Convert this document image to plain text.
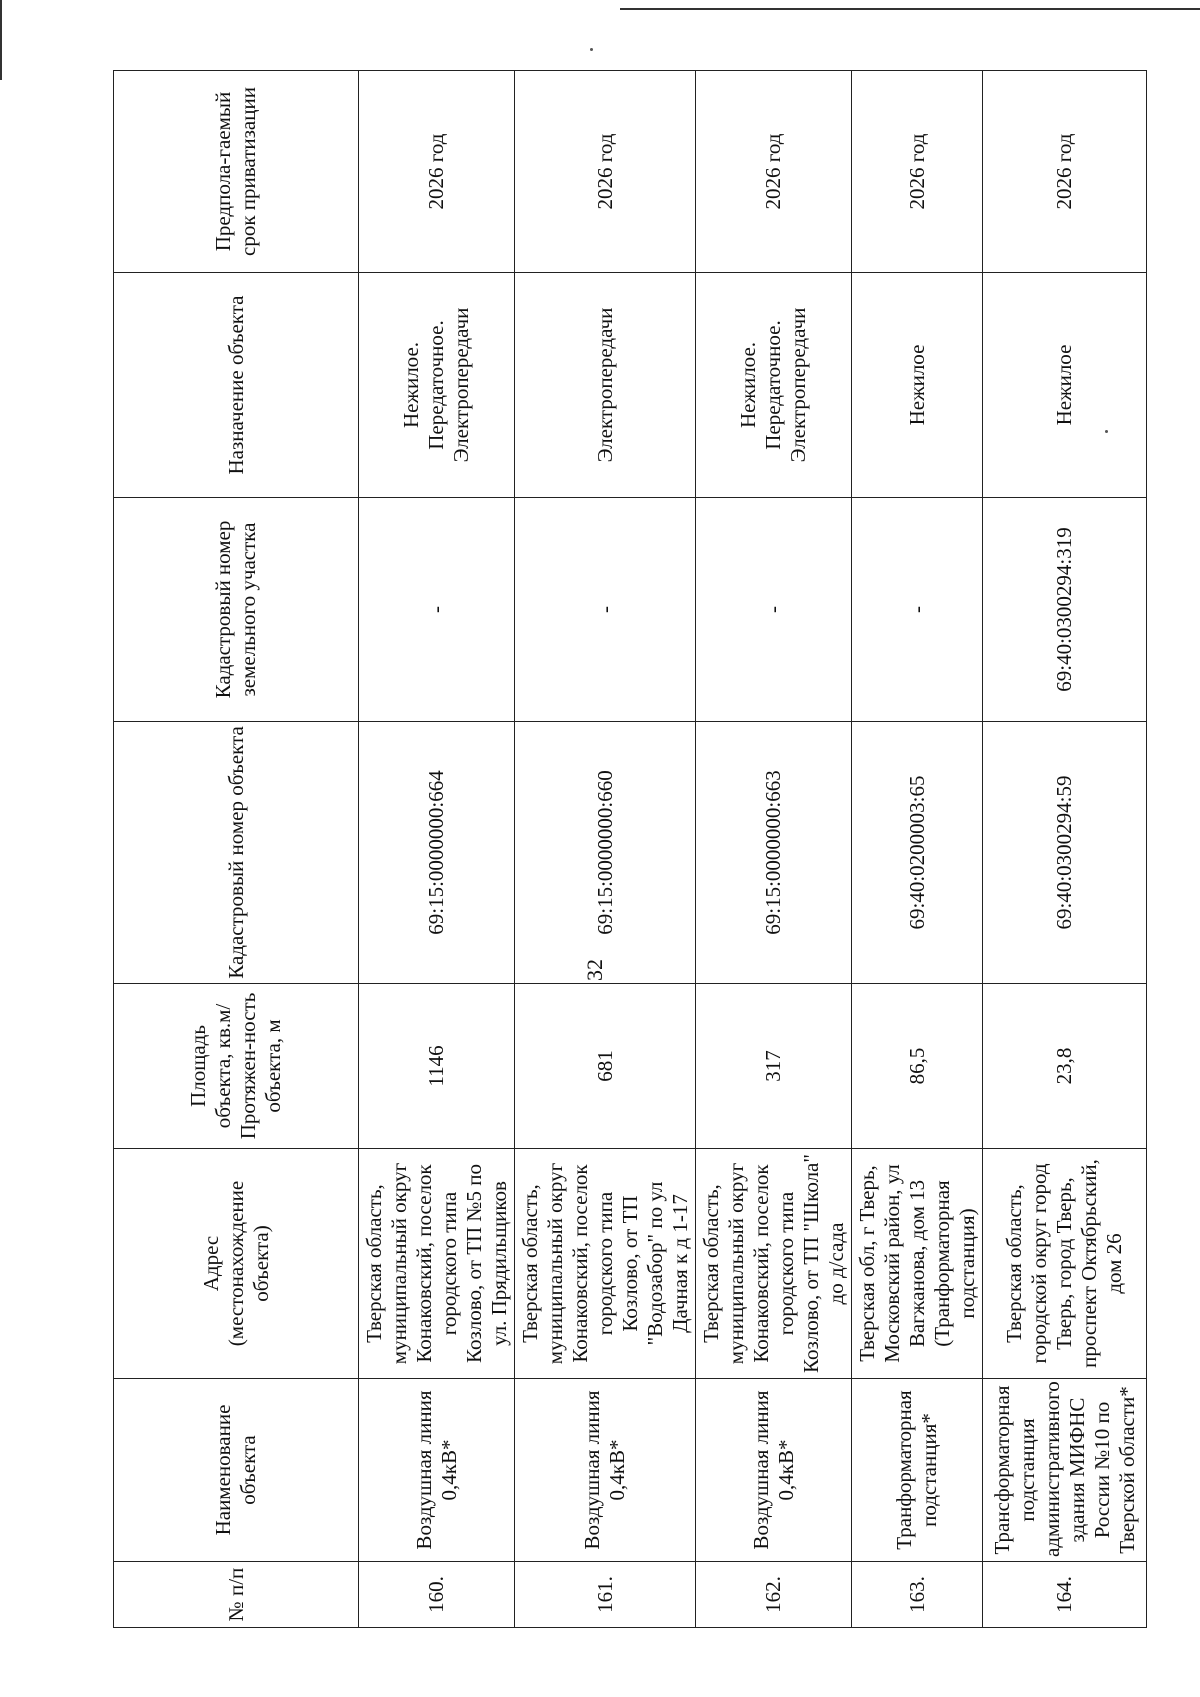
32
№ п/п	Наименование объекта	Адрес (местонахождение объекта)	Площадь объекта, кв.м/ Протяжен-ность объекта, м	Кадастровый номер объекта	Кадастровый номер земельного участка	Назначение объекта	Предпола-гаемый срок приватизации
160.	Воздушная линия 0,4кВ*	Тверская область, муниципальный округ Конаковский, поселок городского типа Козлово, от ТП №5 по ул. Прядильщиков	1146	69:15:0000000:664	-	Нежилое. Передаточное. Электропередачи	2026 год
161.	Воздушная линия 0,4кВ*	Тверская область, муниципальный округ Конаковский, поселок городского типа Козлово, от ТП "Водозабор" по ул Дачная к д 1-17	681	69:15:0000000:660	-	Электропередачи	2026 год
162.	Воздушная линия 0,4кВ*	Тверская область, муниципальный округ Конаковский, поселок городского типа Козлово, от ТП "Школа" до д/сада	317	69:15:0000000:663	-	Нежилое. Передаточное. Электропередачи	2026 год
163.	Транформаторная подстанция*	Тверская обл, г Тверь, Московский район, ул Вагжанова, дом 13 (Транформаторная подстанция)	86,5	69:40:0200003:65	-	Нежилое	2026 год
164.	Трансформаторная подстанция административного здания МИФНС России №10 по Тверской области*	Тверская область, городской округ город Тверь, город Тверь, проспект Октябрьский, дом 26	23,8	69:40:0300294:59	69:40:0300294:319	Нежилое	2026 год
